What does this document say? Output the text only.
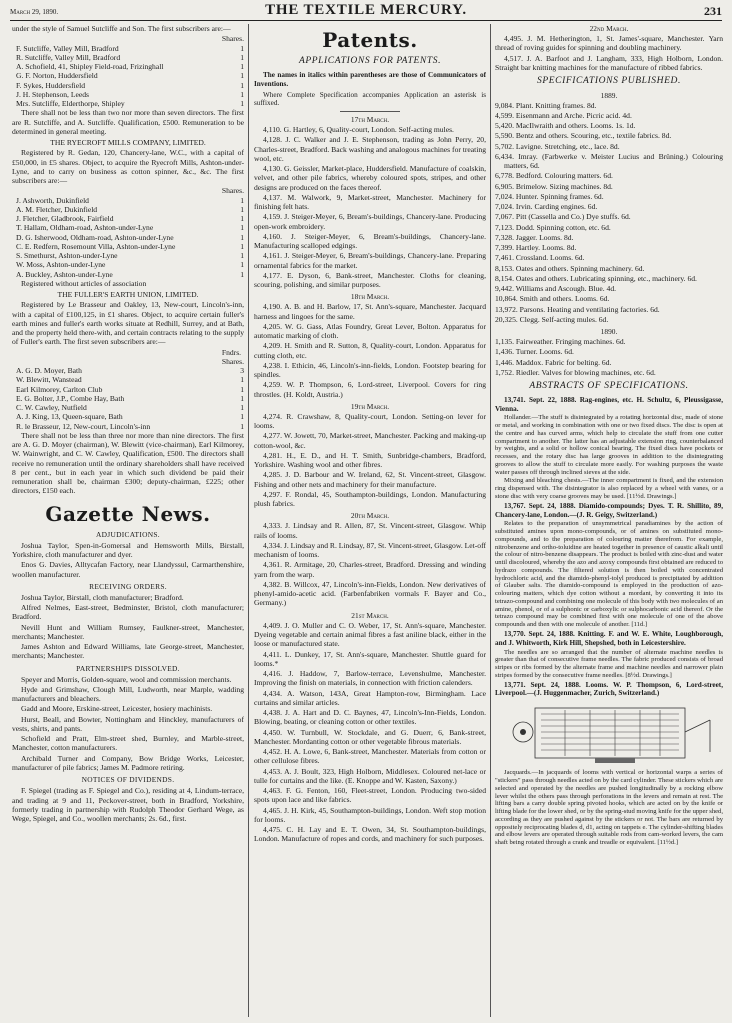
March 29, 1890.	THE TEXTILE MERCURY.	231

under the style of Samuel Sutcliffe and Son. The first subscribers are:—

Shares.
F. Sutcliffe, Valley Mill, Bradford	1
R. Sutcliffe, Valley Mill, Bradford	1
A. Schofield, 41, Shipley Field-road, Frizinghall	1
G. F. Norton, Huddersfield	1
F. Sykes, Huddersfield	1
J. H. Stephenson, Leeds	1
Mrs. Sutcliffe, Elderthorpe, Shipley	1

There shall not be less than two nor more than seven directors. The first are R. Sutcliffe, and A. Sutcliffe. Qualification, £500. Remuneration to be determined in general meeting.

THE RYECROFT MILLS COMPANY, LIMITED.

Registered by R. Gedan, 120, Chancery-lane, W.C., with a capital of £50,000, in £5 shares. Object, to acquire the Ryecroft Mills, Ashton-under-Lyne, and to carry on business as cotton spinner, &c., &c. The first subscribers are:—

Shares.
J. Ashworth, Dukinfield	1
A. M. Fletcher, Dukinfield	1
J. Fletcher, Gladbrook, Fairfield	1
T. Hallam, Oldham-road, Ashton-under-Lyne	1
D. G. Isherwood, Oldham-road, Ashton-under-Lyne	1
C. E. Redfern, Rosemount Villa, Ashton-under-Lyne	1
S. Smethurst, Ashton-under-Lyne	1
W. Moss, Ashton-under-Lyne	1
A. Buckley, Ashton-under-Lyne	1

Registered without articles of association

THE FULLER'S EARTH UNION, LIMITED.

Registered by Le Brasseur and Oakley, 13, New-court, Lincoln's-inn, with a capital of £100,125, in £1 shares. Object, to acquire certain fuller's earth mines and fuller's earth works situate at Redhill, Surrey, and at Bath, and the property held there-with, and certain contracts relating to the supply of Fuller's earth. The first seven subscribers are:—

Fndrs. Shares.
A. G. D. Moyer, Bath	3
W. Blewitt, Wanstead	1
Earl Kilmorey, Carlton Club	1
E. G. Bolter, J.P., Combe Hay, Bath	1
C. W. Cawley, Nutfield	1
A. J. King, 13, Queen-square, Bath	1
R. le Brasseur, 12, New-court, Lincoln's-inn	1

There shall not be less than three nor more than nine directors. The first are A. G. D. Moyer (chairman), W. Blewitt (vice-chairman), Earl Kilmorey, W. Wainwright, and C. W. Cawley, Qualification, £500. The directors shall receive no remuneration until the ordinary shareholders shall have received 8 per cent., but in each year in which such dividend be paid their remuneration shall be, chairman £300; deputy-chairman, £225; other directors, £150 each.

Gazette News.
ADJUDICATIONS.

Joshua Taylor, Spen-in-Gomersal and Hemsworth Mills, Birstall, Yorkshire, cloth manufacturer and dyer.

Enos G. Davies, Alltycafan Factory, near Llandyssul, Carmarthenshire, woollen manufacturer.

RECEIVING ORDERS.

Joshua Taylor, Birstall, cloth manufacturer; Bradford.

Alfred Nelmes, East-street, Bedminster, Bristol, cloth manufacturer; Bradford.

Nevill Hunt and William Rumsey, Faulkner-street, Manchester, merchants; Manchester.

James Ashton and Edward Williams, late George-street, Manchester, merchants; Manchester.

PARTNERSHIPS DISSOLVED.

Speyer and Morris, Golden-square, wool and commission merchants.

Hyde and Grimshaw, Clough Mill, Ludworth, near Marple, wadding manufacturers and bleachers.

Gadd and Moore, Erskine-street, Leicester, hosiery machinists.

Hurst, Beall, and Bowter, Nottingham and Hinckley, manufacturers of vests, shirts, and pants.

Schofield and Pratt, Elm-street shed, Burnley, and Marble-street, Manchester, cotton manufacturers.

Archibald Turner and Company, Bow Bridge Works, Leicester, manufacturer of pile fabrics; James M. Padmore retiring.

NOTICES OF DIVIDENDS.

F. Spiegel (trading as F. Spiegel and Co.), residing at 4, Lindum-terrace, and trading at 9 and 11, Peckover-street, both in Bradford, Yorkshire, formerly trading in partnership with Rudolph Theodor Gerhard Wege, as Wege, Spiegel, and Co., woollen merchants; 2s. 6d., first.

Patents.
APPLICATIONS FOR PATENTS.

The names in italics within parentheses are those of Communicators of Inventions.

Where Complete Specification accompanies Application an asterisk is suffixed.

17th March.

4,110. G. Hartley, 6, Quality-court, London. Self-acting mules.

4,128. J. C. Walker and J. E. Stephenson, trading as John Perry, 20, Charles-street, Bradford. Back washing and analogous machines for treating wool, etc.

4,130. G. Geissler, Market-place, Huddersfield. Manufacture of coalskin, velvet, and other pile fabrics, whereby coloured spots, stripes, and other designs are produced on the faces thereof.

4,137. M. Walwork, 9, Market-street, Manchester. Machinery for finishing felt hats.

4,159. J. Steiger-Meyer, 6, Bream's-buildings, Chancery-lane. Producing open-work embroidery.

4,160. J. Steiger-Meyer, 6, Bream's-buildings, Chancery-lane. Manufacturing scalloped edgings.

4,161. J. Steiger-Meyer, 6, Bream's-buildings, Chancery-lane. Preparing ornamental fabrics for the market.

4,177. E. Dyson, 6, Bank-street, Manchester. Cloths for cleaning, scouring, polishing, and similar purposes.

18th March.

4,190. A. B. and H. Barlow, 17, St. Ann's-square, Manchester. Jacquard harness and lingoes for the same.

4,205. W. G. Gass, Atlas Foundry, Great Lever, Bolton. Apparatus for automatic marking of cloth.

4,209. H. Smith and R. Sutton, 8, Quality-court, London. Apparatus for cutting cloth, etc.

4,238. I. Ethicin, 46, Lincoln's-inn-fields, London. Footstep bearing for spindles.

4,259. W. P. Thompson, 6, Lord-street, Liverpool. Covers for ring throstles. (H. Koldt, Austria.)

19th March.

4,274. R. Crawshaw, 8, Quality-court, London. Setting-on lever for looms.

4,277. W. Jowett, 70, Market-street, Manchester. Packing and making-up cotton-wool, &c.

4,281. H., E. D., and H. T. Smith, Sunbridge-chambers, Bradford, Yorkshire. Washing wool and other fibres.

4,285. J. D. Barbour and W. Ireland, 62, St. Vincent-street, Glasgow. Fishing and other nets and machinery for their manufacture.

4,297. F. Rondal, 45, Southampton-buildings, London. Manufacturing plush fabrics.

20th March.

4,333. J. Lindsay and R. Allen, 87, St. Vincent-street, Glasgow. Whip rails of looms.

4,334. J. Lindsay and R. Lindsay, 87, St. Vincent-street, Glasgow. Let-off mechanism of looms.

4,361. R. Armitage, 20, Charles-street, Bradford. Dressing and winding yarn from the warp.

4,382. B. Willcox, 47, Lincoln's-inn-Fields, London. New derivatives of phenyl-amido-acetic acid. (Farbenfabriken vormals F. Bayer and Co., Germany.)

21st March.

4,409. J. O. Muller and C. O. Weber, 17, St. Ann's-square, Manchester. Dyeing vegetable and certain animal fibres a fast aniline black, either in the loose or manufactured state.

4,411. L. Dunkey, 17, St. Ann's-square, Manchester. Shuttle guard for looms.*

4,416. J. Haddow, 7, Barlow-terrace, Levenshulme, Manchester. Improving the finish on materials, in connection with friction calenders.

4,434. A. Watson, 143A, Great Hampton-row, Birmingham. Lace curtains and similar articles.

4,438. J. A. Hart and D. C. Baynes, 47, Lincoln's-Inn-Fields, London. Blowing, beating, or cleaning cotton or other textiles.

4,450. W. Turnbull, W. Stockdale, and G. Duerr, 6, Bank-street, Manchester. Mordanting cotton or other vegetable fibrous materials.

4,452. H. A. Lowe, 6, Bank-street, Manchester. Materials from cotton or other cellulose fibres.

4,453. A. J. Boult, 323, High Holborn, Middlesex. Coloured net-lace or tulle for curtains and the like. (E. Knoppe and W. Kasten, Saxony.)

4,463. F. G. Fenton, 160, Fleet-street, London. Producing two-sided spots upon lace and like fabrics.

4,465. J. H. Kirk, 45, Southampton-buildings, London. Weft stop motion for looms.

4,475. C. H. Lay and E. T. Owen, 34, St. Southampton-buildings, London. Manufacture of ropes and cords, and machinery for such purposes.

22nd March.

4,495. J. M. Hetherington, 1, St. James'-square, Manchester. Yarn thread of roving guides for spinning and doubling machinery.

4,517. J. A. Barfoot and J. Langham, 333, High Holborn, London. Straight bar knitting machines for the manufacture of ribbed fabrics.

SPECIFICATIONS PUBLISHED.
1889.

9,084. Plant. Knitting frames. 8d.

4,599. Eisenmann and Arche. Picric acid. 4d.

5,420. MacIlwraith and others. Looms. 1s. 1d.

5,590. Bentz and others. Scouring, etc., textile fabrics. 8d.

5,702. Lavigne. Stretching, etc., lace. 8d.

6,434. Imray. (Farbwerke v. Meister Lucius and Brüning.) Colouring matters, 6d.

6,778. Bedford. Colouring matters. 6d.

6,905. Brimelow. Sizing machines. 8d.

7,024. Hunter. Spinning frames. 6d.

7,024. Irvin. Carding engines. 6d.

7,067. Pitt (Cassella and Co.) Dye stuffs. 6d.

7,123. Dodd. Spinning cotton, etc. 6d.

7,328. Jagger. Looms. 8d.

7,399. Hartley. Looms. 8d.

7,461. Crossland. Looms. 6d.

8,153. Oates and others. Spinning machinery. 6d.

8,154. Oates and others. Lubricating spinning, etc., machinery. 6d.

9,442. Williams and Ascough. Blue. 4d.

10,864. Smith and others. Looms. 6d.

13,972. Parsons. Heating and ventilating factories. 6d.

20,325. Clegg. Self-acting mules. 6d.

1890.

1,135. Fairweather. Fringing machines. 6d.

1,436. Turner. Looms. 6d.

1,446. Maddox. Fabric for belting. 6d.

1,752. Riedler. Valves for blowing machines, etc. 6d.

ABSTRACTS OF SPECIFICATIONS.

13,741. Sept. 22, 1888. Rag-engines, etc. H. Schultz, 6, Pleussigasse, Vienna.

Hollander.—The stuff is disintegrated by a rotating horizontal disc, made of stone or metal, and working in combination with one or two fixed discs. The disc is open at the centre and has curved arms, which help to circulate the stuff from one cutter compartment to another. The latter has an adjustable extension ring, counterbalanced by weights, and a solid or hollow conical bearing. The fixed discs have pockets or recesses, and the rotary disc has large grooves in addition to the disintegrating grooves to allow the stuff to circulate more easily. For washing purposes the waste water passes off through inclined sieves at the side.

Mixing and bleaching chests.—The inner compartment is fixed, and the extension ring dispensed with. The disintegrator is also replaced by a wheel with vanes, or a stone disc with very coarse grooves may be used. [11½d. Drawings.]

13,767. Sept. 24, 1888. Diamido-compounds; Dyes. T. R. Shillito, 89, Chancery-lane, London.—(J. R. Geigy, Switzerland.)

Relates to the preparation of unsymmetrical paradiamines by the action of substituted amines upon mono-compounds, or of amines on substituted mono-compounds, and to the preparation of colouring matter therefrom. For example, nitrobenzene and ortho-toluidine are heated together in presence of caustic alkali until the colour of nitro-benzene disappears. The product is boiled with zinc-dust and water until discoloured, whereby the azo and azoxy compounds first obtained are reduced to hydrazo compounds. The filtered solution is then boiled with concentrated hydrochloric acid, and the diamido-phenyl-tolyl produced is precipitated by addition of Glauber salts. The diamido-compound is employed in the production of azo-colouring matters, which dye cotton without a mordant, by converting it into its tetrazo-compound and combining one molecule of this body with two molecules of an amine, phenol, or of a sulphonic or carboxylic or sulphocarbonic acid thereof. Or the tetrazo compound may be combined first with one molecule of one of the above compounds and then with one molecule of another. [11d.]

13,770. Sept. 24, 1888. Knitting. F. and W. E. White, Loughborough, and J. Whitworth, Kirk Hill, Shepshed, both in Leicestershire.

The needles are so arranged that the number of alternate machine needles is greater than that of consecutive frame needles. The fabric produced consists of broad stripes or ribs formed by the alternate frame and machine needles and narrower plain stripes formed by the consecutive frame needles. [8½d. Drawings.]

13,771. Sept. 24, 1888. Looms. W. P. Thompson, 6, Lord-street, Liverpool.—(J. Huggenmacher, Zurich, Switzerland.)

Jacquards.—In jacquards of looms with vertical or horizontal warps a series of "stickers" pass through needles acted on by the card cylinder. These stickers which are selected and operated by the needles are pushed longitudinally by a rocking elbow lever whilst the others pass through perforations in the levers and remain at rest. The lifting bars a carry double spring pivoted hooks, which are acted on by the knife or lifting blade for the lower shed, or by the spring-stud moving knife for the upper shed, according as they are pushed against by the stickers or not. The bars are returned by oppositely reciprocating blades d, d1, acting on tappets e. The cylinder-shifting blades and elbow levers are operated through suitable rods from cam-worked levers, the cam shaft being rotated through a crank and treadle or equivalent. [11½d.]
